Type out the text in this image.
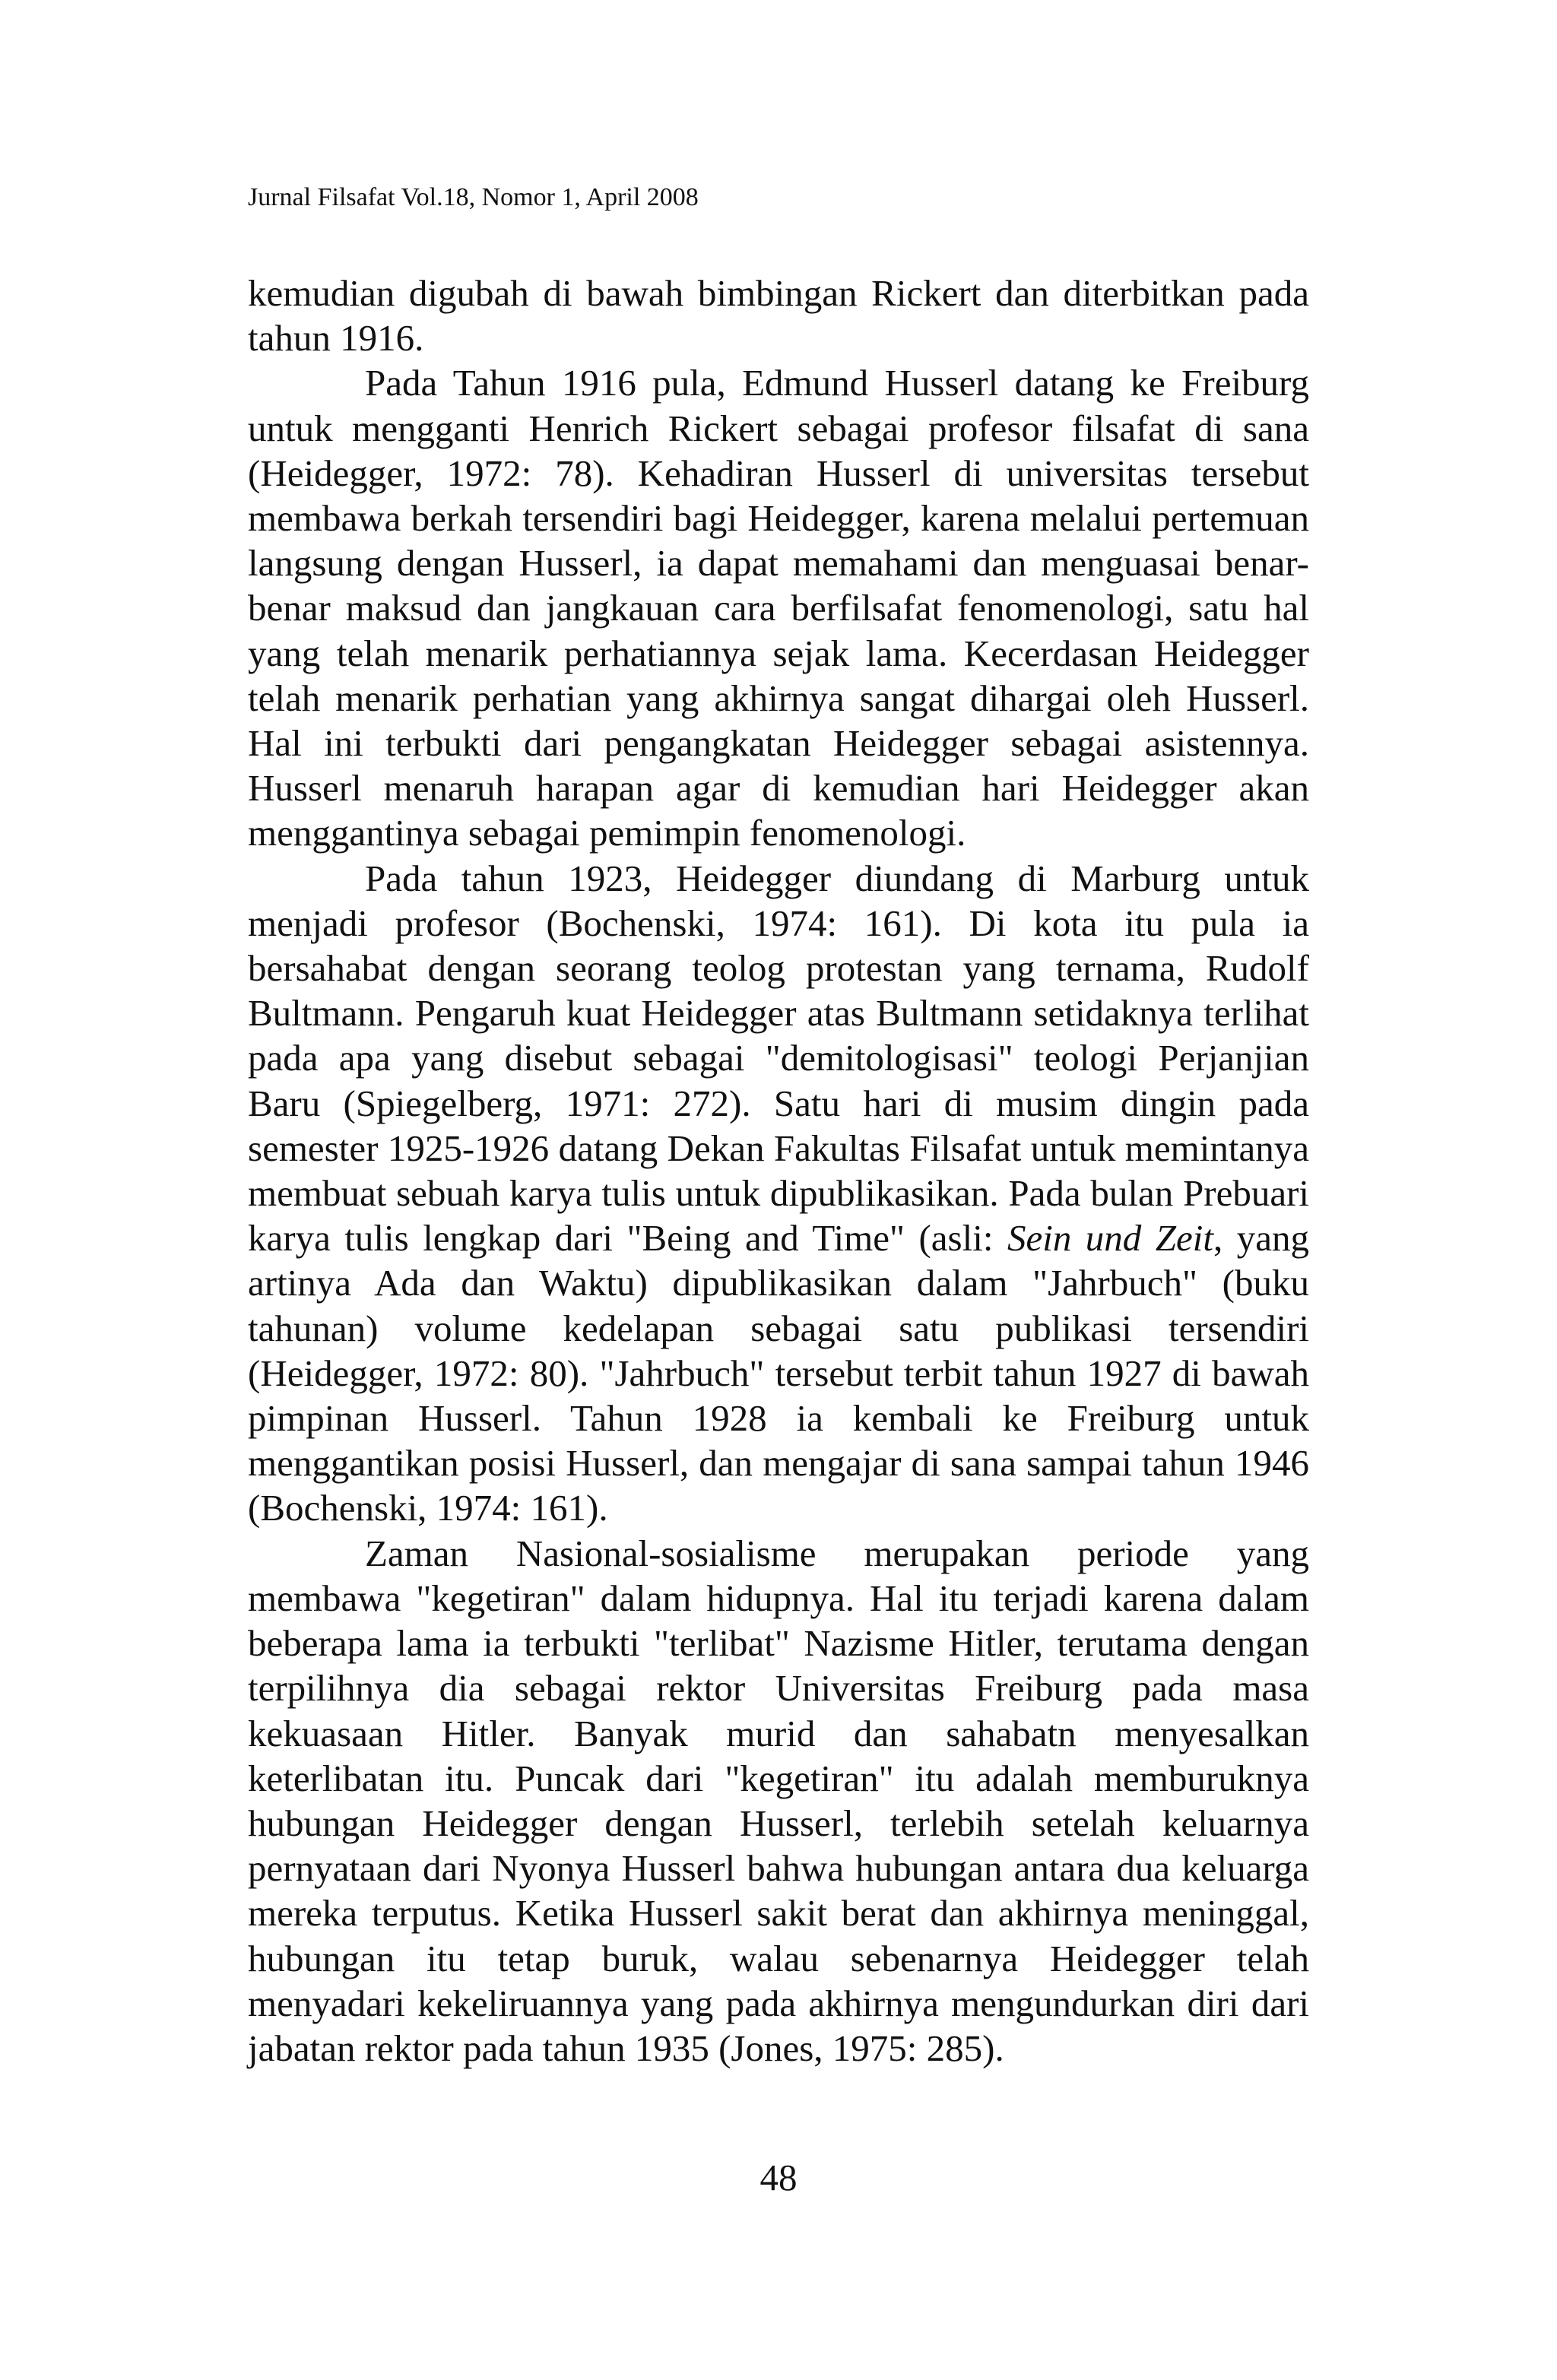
Jurnal Filsafat Vol.18, Nomor 1, April 2008

kemudian digubah di bawah bimbingan Rickert dan diterbitkan pada tahun 1916.

Pada Tahun 1916 pula, Edmund Husserl datang ke Freiburg untuk mengganti Henrich Rickert sebagai profesor filsafat di sana (Heidegger, 1972: 78). Kehadiran Husserl di universitas tersebut membawa berkah tersendiri bagi Heidegger, karena melalui pertemuan langsung dengan Husserl, ia dapat memahami dan menguasai benar-benar maksud dan jangkauan cara berfilsafat fenomenologi, satu hal yang telah menarik perhatiannya sejak lama. Kecerdasan Heidegger telah menarik perhatian yang akhirnya sangat dihargai oleh Husserl. Hal ini terbukti dari pengangkatan Heidegger sebagai asistennya. Husserl menaruh harapan agar di kemudian hari Heidegger akan menggantinya sebagai pemimpin fenomenologi.

Pada tahun 1923, Heidegger diundang di Marburg untuk menjadi profesor (Bochenski, 1974: 161). Di kota itu pula ia bersahabat dengan seorang teolog protestan yang ternama, Rudolf Bultmann. Pengaruh kuat Heidegger atas Bultmann setidaknya terlihat pada apa yang disebut sebagai "demitologisasi" teologi Perjanjian Baru (Spiegelberg, 1971: 272). Satu hari di musim dingin pada semester 1925-1926 datang Dekan Fakultas Filsafat untuk memintanya membuat sebuah karya tulis untuk dipublikasikan. Pada bulan Prebuari karya tulis lengkap dari "Being and Time" (asli: Sein und Zeit, yang artinya Ada dan Waktu) dipublikasikan dalam "Jahrbuch" (buku tahunan) volume kedelapan sebagai satu publikasi tersendiri (Heidegger, 1972: 80). "Jahrbuch" tersebut terbit tahun 1927 di bawah pimpinan Husserl. Tahun 1928 ia kembali ke Freiburg untuk menggantikan posisi Husserl, dan mengajar di sana sampai tahun 1946 (Bochenski, 1974: 161).

Zaman Nasional-sosialisme merupakan periode yang membawa "kegetiran" dalam hidupnya. Hal itu terjadi karena dalam beberapa lama ia terbukti "terlibat" Nazisme Hitler, terutama dengan terpilihnya dia sebagai rektor Universitas Freiburg pada masa kekuasaan Hitler. Banyak murid dan sahabatn menyesalkan keterlibatan itu. Puncak dari "kegetiran" itu adalah memburuknya hubungan Heidegger dengan Husserl, terlebih setelah keluarnya pernyataan dari Nyonya Husserl bahwa hubungan antara dua keluarga mereka terputus. Ketika Husserl sakit berat dan akhirnya meninggal, hubungan itu tetap buruk, walau sebenarnya Heidegger telah menyadari kekeliruannya yang pada akhirnya mengundurkan diri dari jabatan rektor pada tahun 1935 (Jones, 1975: 285).

48
